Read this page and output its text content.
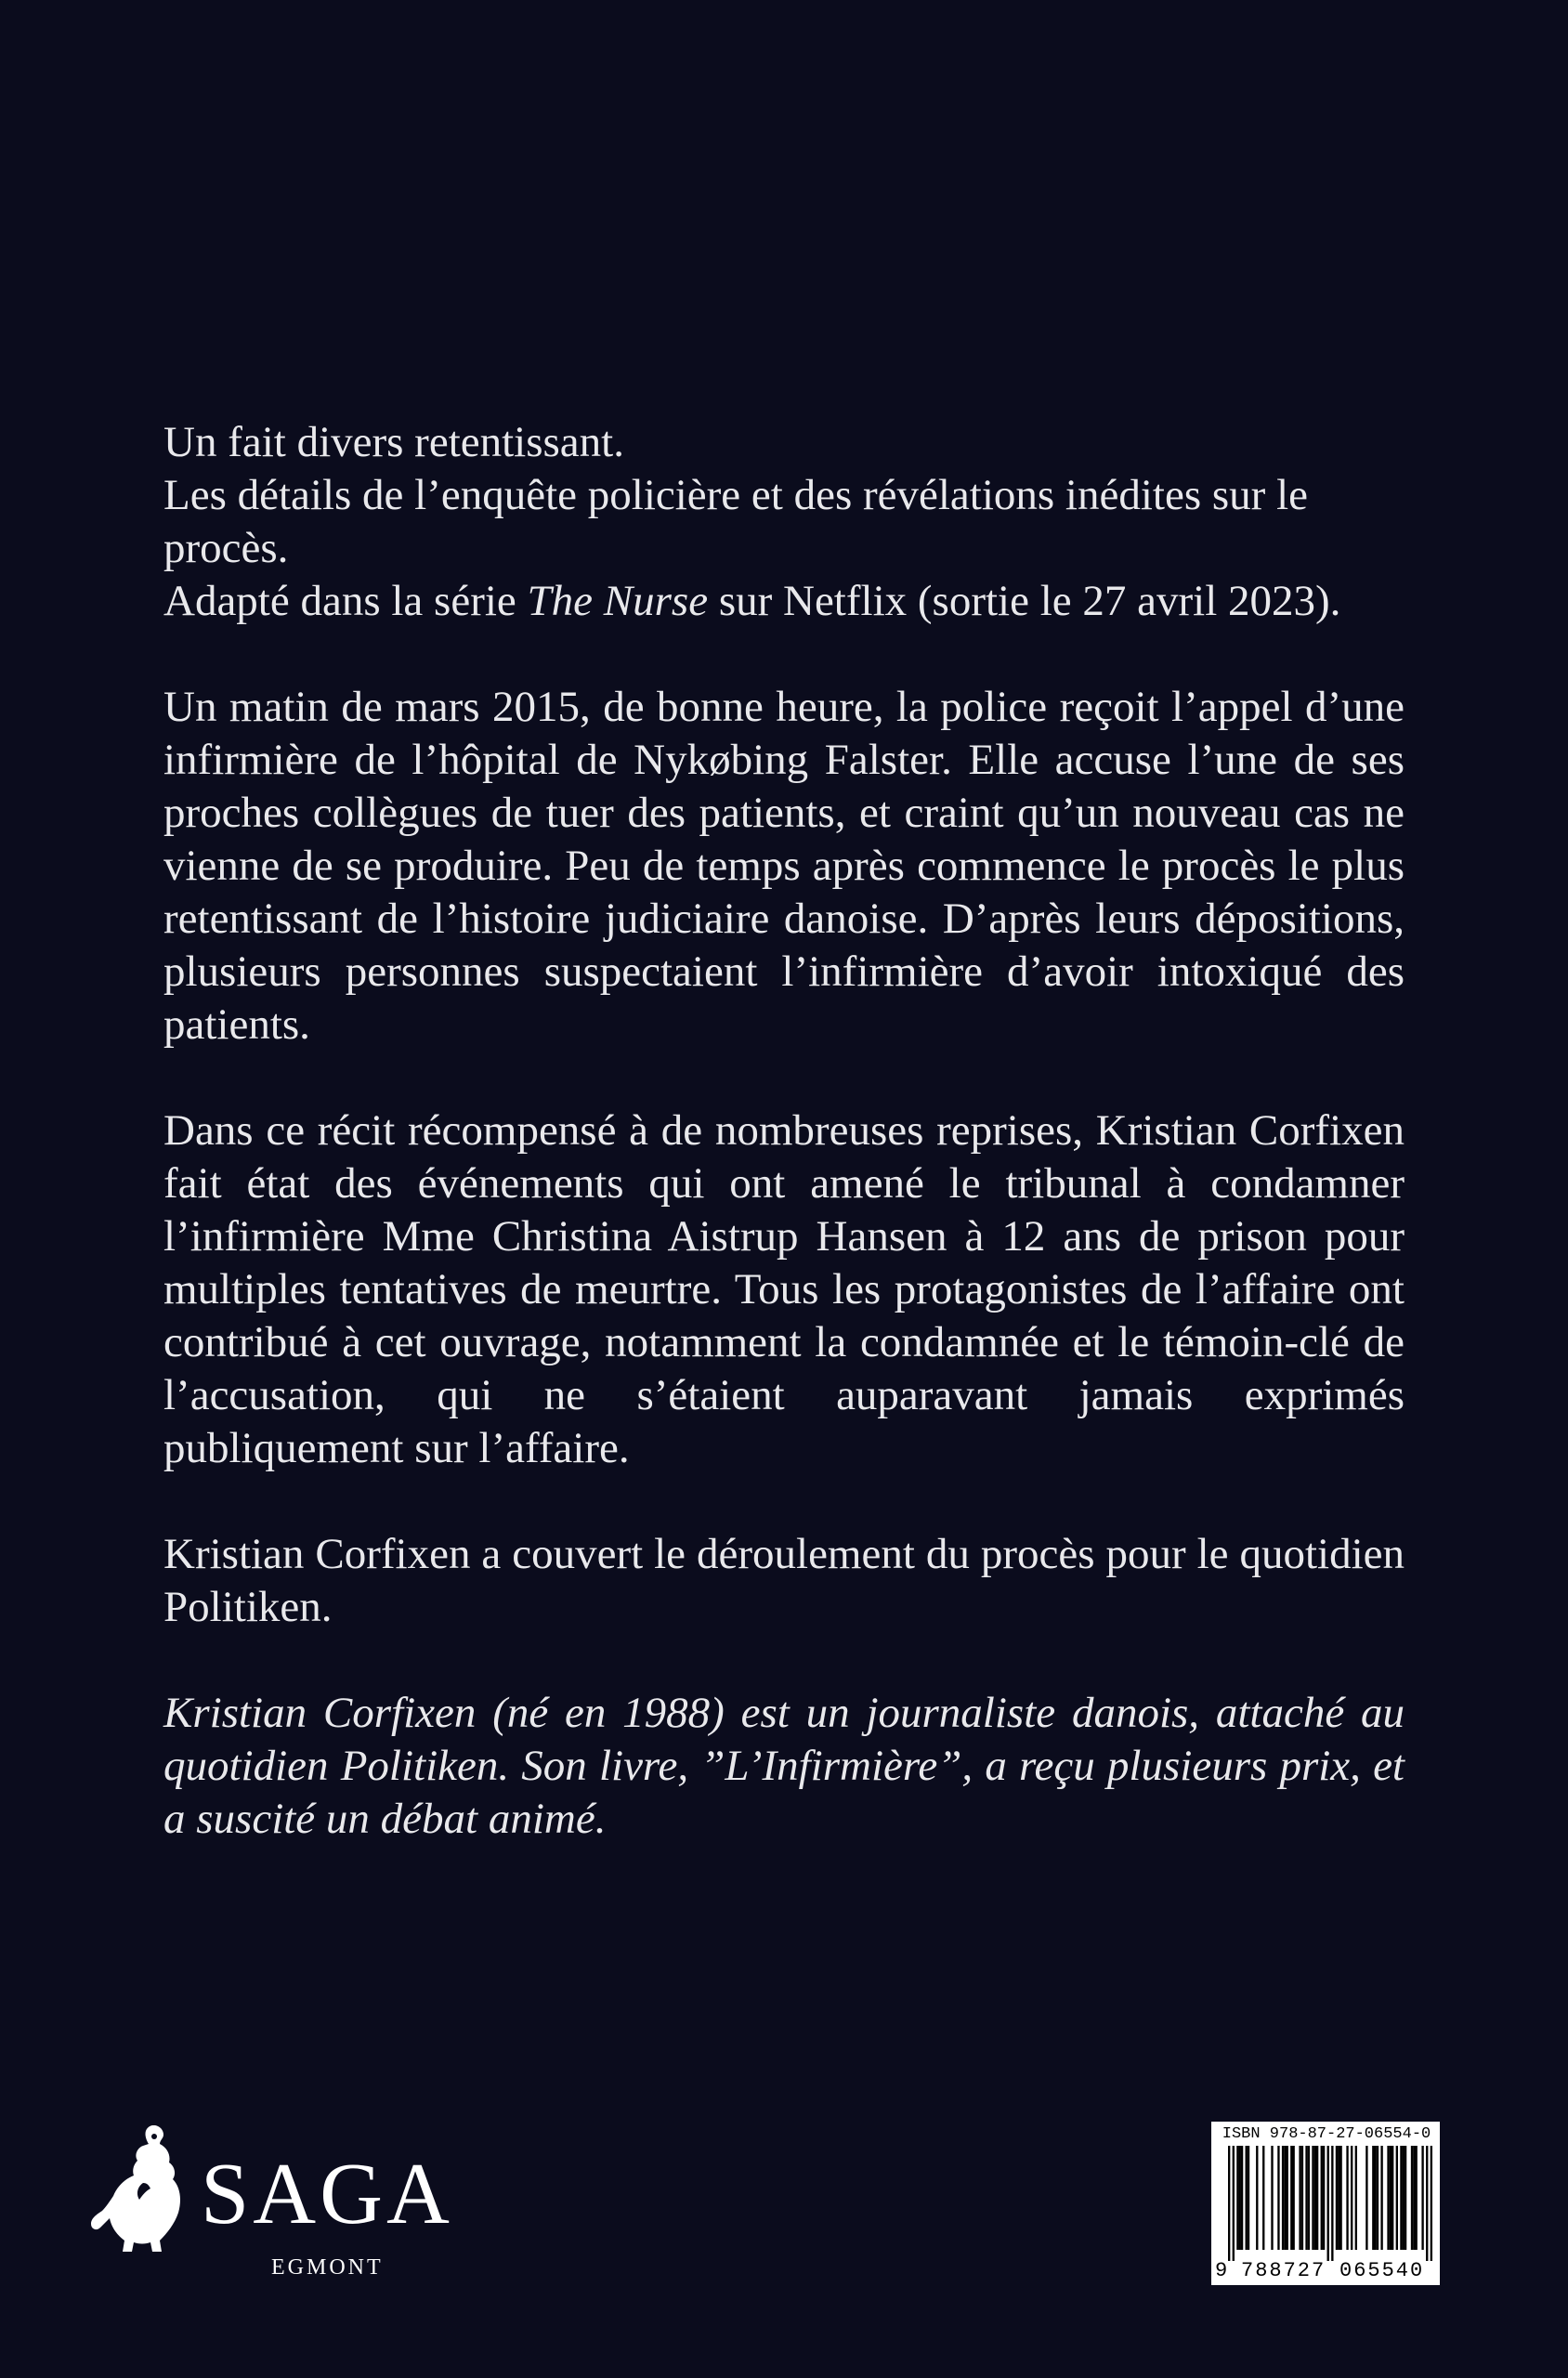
Un fait divers retentissant.
Les détails de l’enquête policière et des révélations inédites sur le procès.
Adapté dans la série The Nurse sur Netflix (sortie le 27 avril 2023).

Un matin de mars 2015, de bonne heure, la police reçoit l’appel d’une infirmière de l’hôpital de Nykøbing Falster. Elle accuse l’une de ses proches collègues de tuer des patients, et craint qu’un nouveau cas ne vienne de se produire. Peu de temps après commence le procès le plus retentissant de l’histoire judiciaire danoise. D’après leurs dépositions, plusieurs personnes suspectaient l’infirmière d’avoir intoxiqué des patients.

Dans ce récit récompensé à de nombreuses reprises, Kristian Corfixen fait état des événements qui ont amené le tribunal à condamner l’infirmière Mme Christina Aistrup Hansen à 12 ans de prison pour multiples tentatives de meurtre. Tous les protagonistes de l’affaire ont contribué à cet ouvrage, notamment la condamnée et le témoin-clé de l’accusation, qui ne s’étaient auparavant jamais exprimés publiquement sur l’affaire.

Kristian Corfixen a couvert le déroulement du procès pour le quotidien Politiken.

Kristian Corfixen (né en 1988) est un journaliste danois, attaché au quotidien Politiken. Son livre, ”L’Infirmière”, a reçu plusieurs prix, et a suscité un débat animé.

SAGA
EGMONT
ISBN 978-87-27-06554-0
9 788727 065540
